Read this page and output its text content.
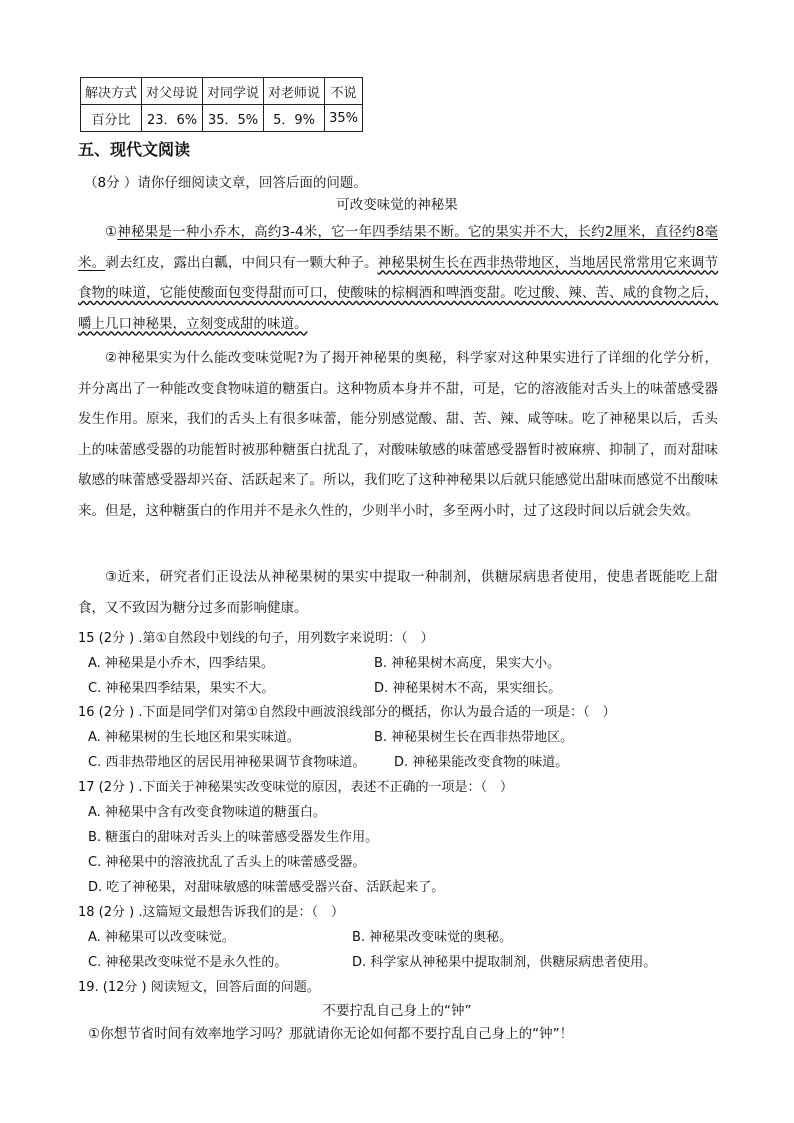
解决方式	对父母说	对同学说	对老师说	不说
百分比	23．6%	35．5%	5．9%	35%
五、现代文阅读
（8分 ）请你仔细阅读文章，回答后面的问题。
可改变味觉的神秘果
①神秘果是一种小乔木，高约3-4米，它一年四季结果不断。它的果实并不大，长约2厘米，直径约8毫米。剥去红皮，露出白瓤，中间只有一颗大种子。神秘果树生长在西非热带地区，当地居民常常用它来调节食物的味道，它能使酸面包变得甜而可口，使酸味的棕榈酒和啤酒变甜。吃过酸、辣、苦、咸的食物之后，嚼上几口神秘果，立刻变成甜的味道。
②神秘果实为什么能改变味觉呢?为了揭开神秘果的奥秘，科学家对这种果实进行了详细的化学分析，并分离出了一种能改变食物味道的糖蛋白。这种物质本身并不甜，可是，它的溶液能对舌头上的味蕾感受器发生作用。原来，我们的舌头上有很多味蕾，能分别感觉酸、甜、苦、辣、咸等味。吃了神秘果以后，舌头上的味蕾感受器的功能暂时被那种糖蛋白扰乱了，对酸味敏感的味蕾感受器暂时被麻痹、抑制了，而对甜味敏感的味蕾感受器却兴奋、活跃起来了。所以，我们吃了这种神秘果以后就只能感觉出甜味而感觉不出酸味来。但是，这种糖蛋白的作用并不是永久性的，少则半小时，多至两小时，过了这段时间以后就会失效。
③近来，研究者们正设法从神秘果树的果实中提取一种制剂，供糖尿病患者使用，使患者既能吃上甜食，又不致因为糖分过多而影响健康。
15 (2分 ) .第①自然段中划线的句子，用列数字来说明：（　）
A. 神秘果是小乔木，四季结果。	B. 神秘果树木高度，果实大小。
C. 神秘果四季结果，果实不大。	D. 神秘果树木不高，果实细长。
16 (2分 ) .下面是同学们对第①自然段中画波浪线部分的概括，你认为最合适的一项是：（　）
A. 神秘果树的生长地区和果实味道。	B. 神秘果树生长在西非热带地区。
C. 西非热带地区的居民用神秘果调节食物味道。 D. 神秘果能改变食物的味道。
17 (2分 ) .下面关于神秘果实改变味觉的原因，表述不正确的一项是：（　）
A. 神秘果中含有改变食物味道的糖蛋白。
B. 糖蛋白的甜味对舌头上的味蕾感受器发生作用。
C. 神秘果中的溶液扰乱了舌头上的味蕾感受器。
D. 吃了神秘果，对甜味敏感的味蕾感受器兴奋、活跃起来了。
18 (2分 ) .这篇短文最想告诉我们的是：（　）
A. 神秘果可以改变味觉。	B. 神秘果改变味觉的奥秘。
C. 神秘果改变味觉不是永久性的。	D. 科学家从神秘果中提取制剂，供糖尿病患者使用。
19. (12分 ) 阅读短文，回答后面的问题。
不要拧乱自己身上的“钟”
①你想节省时间有效率地学习吗？那就请你无论如何都不要拧乱自己身上的“钟”！
